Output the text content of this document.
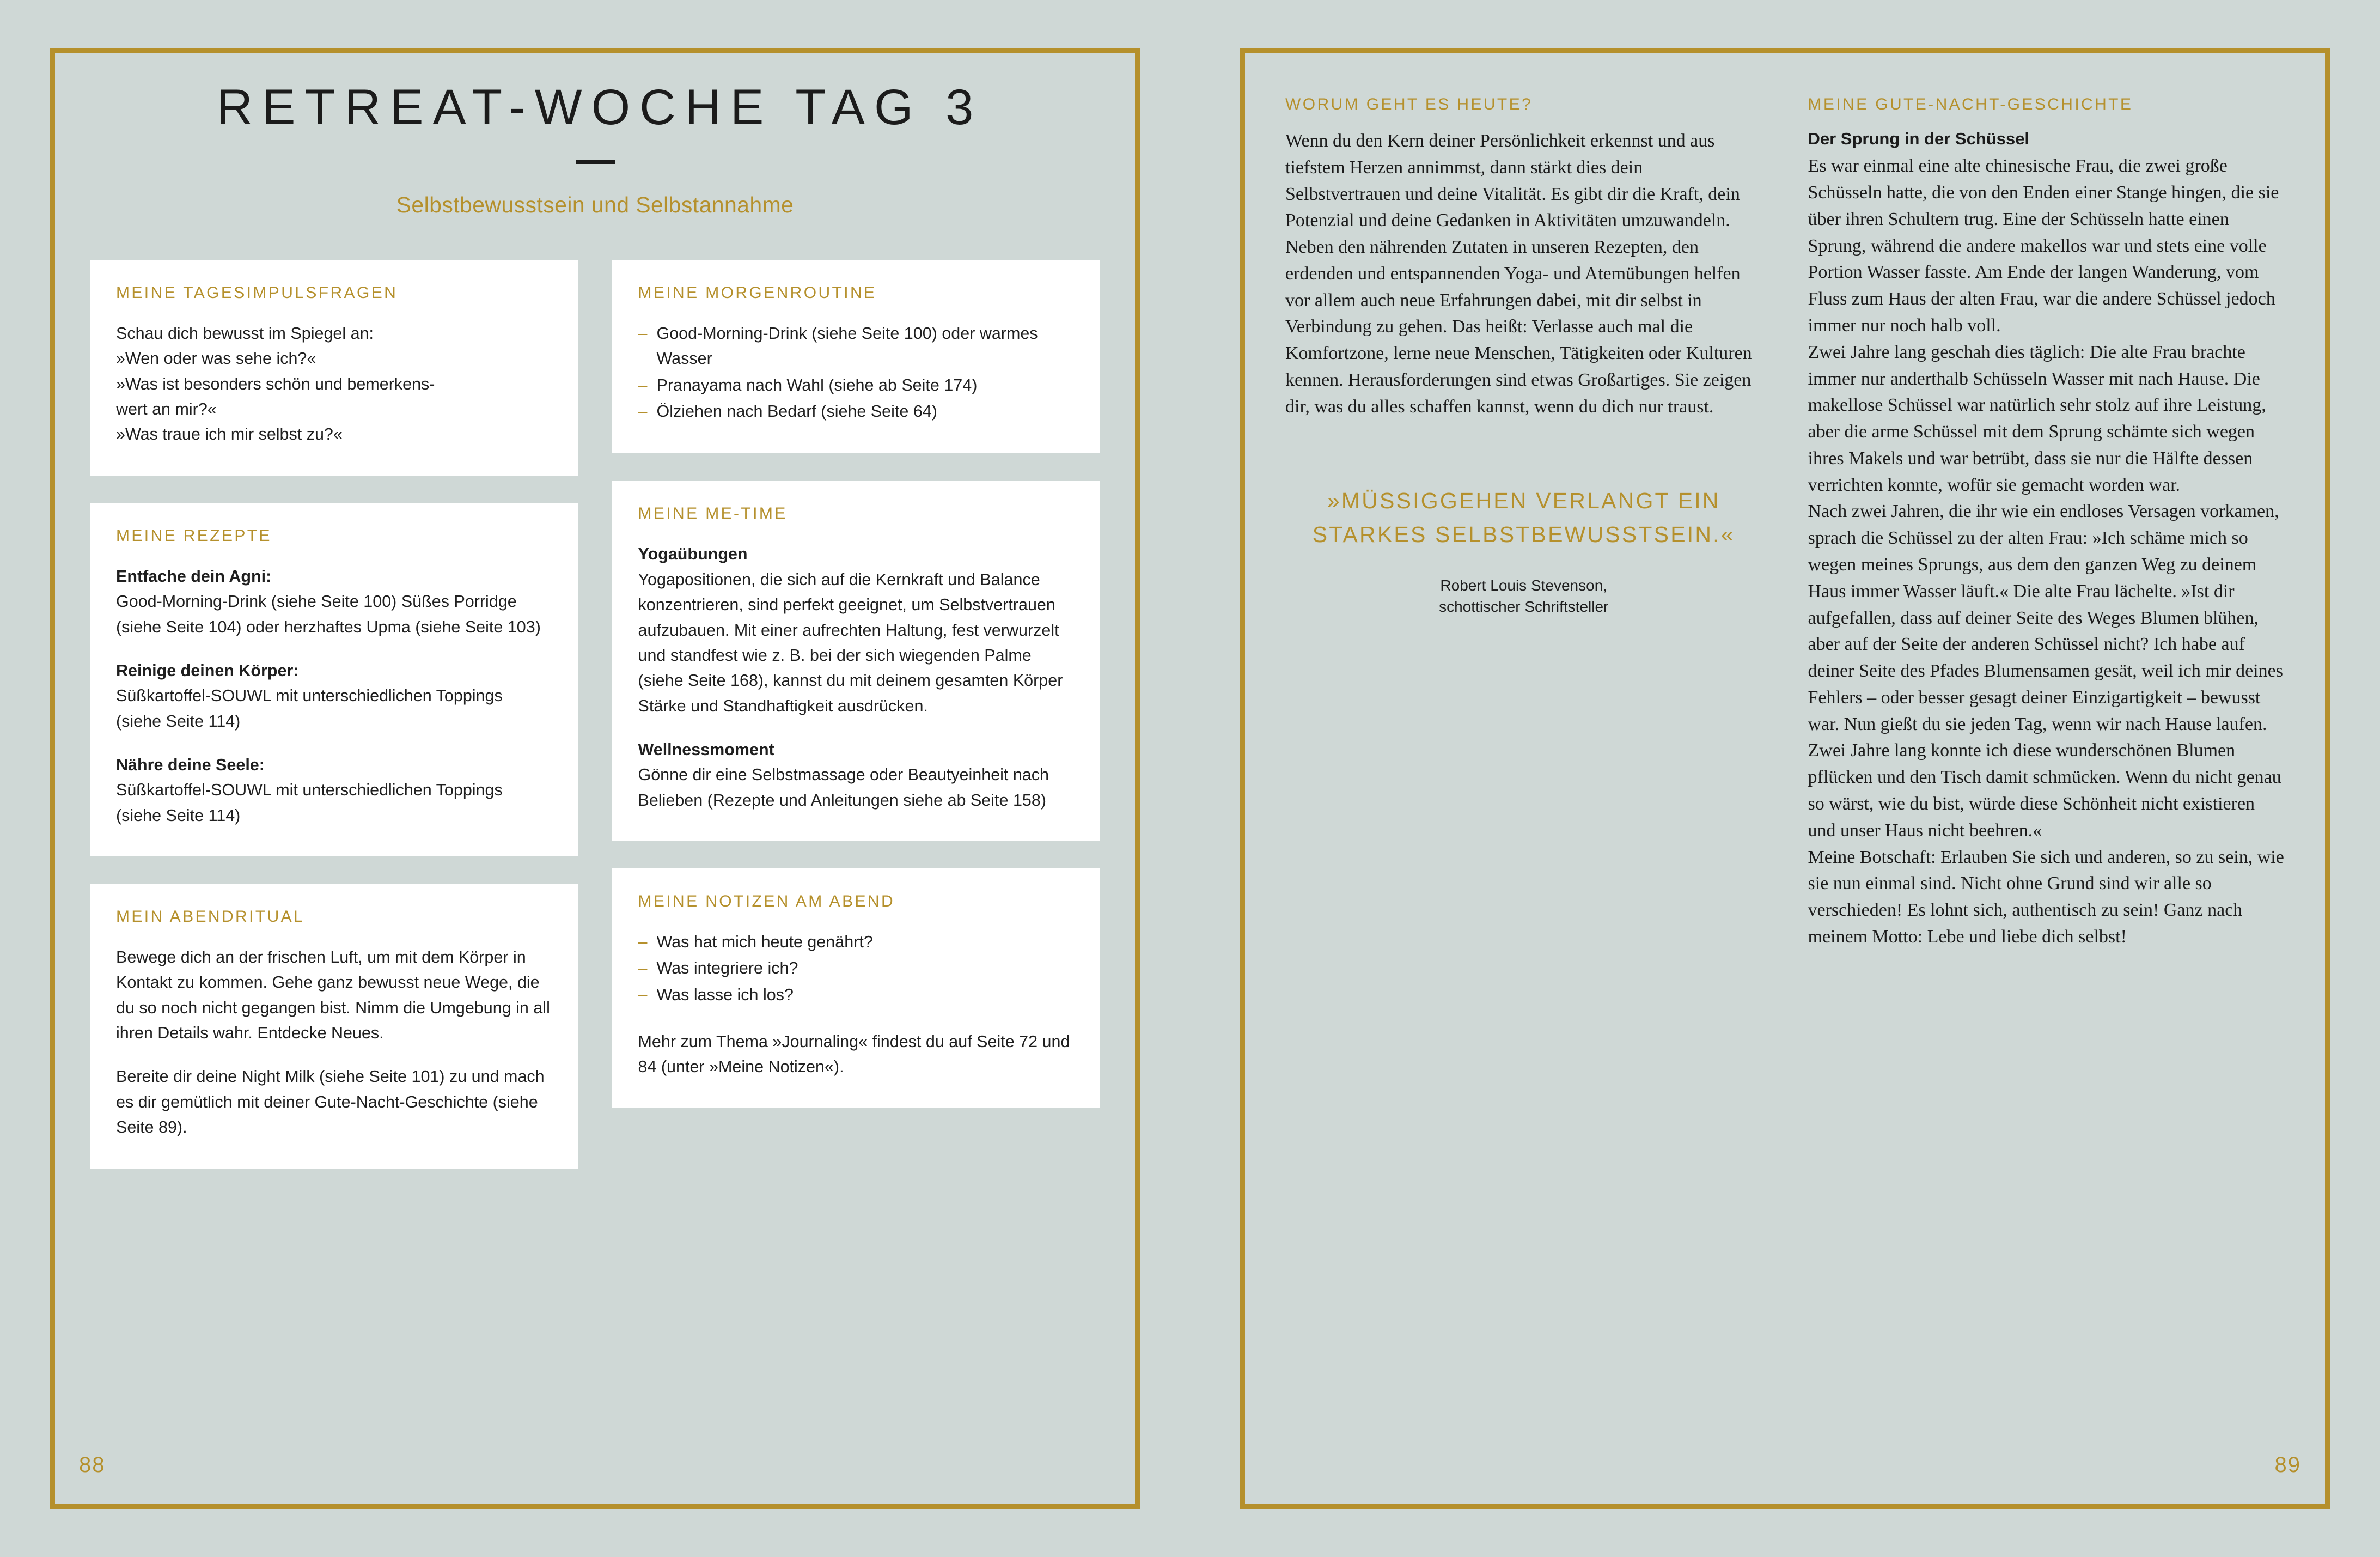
88
RETREAT-WOCHE TAG 3
Selbstbewusstsein und Selbstannahme
MEINE TAGESIMPULSFRAGEN

Schau dich bewusst im Spiegel an:

»Wen oder was sehe ich?«

»Was ist besonders schön und bemerkens-

wert an mir?«

»Was traue ich mir selbst zu?«

MEINE REZEPTE

Entfache dein Agni:
Good-Morning-Drink (siehe Seite 100) Süßes Porridge (siehe Seite 104) oder herzhaftes Upma (siehe Seite 103)

Reinige deinen Körper:
Süßkartoffel-SOUWL mit unterschiedlichen Toppings (siehe Seite 114)

Nähre deine Seele:
Süßkartoffel-SOUWL mit unterschiedlichen Toppings (siehe Seite 114)

MEIN ABENDRITUAL

Bewege dich an der frischen Luft, um mit dem Körper in Kontakt zu kommen. Gehe ganz bewusst neue Wege, die du so noch nicht gegangen bist. Nimm die Umgebung in all ihren Details wahr. Entdecke Neues.

Bereite dir deine Night Milk (siehe Seite 101) zu und mach es dir gemütlich mit deiner Gute-Nacht-Geschichte (siehe Seite 89).

MEINE MORGENROUTINE
– Good-Morning-Drink (siehe Seite 100) oder warmes Wasser
– Pranayama nach Wahl (siehe ab Seite 174)
– Ölziehen nach Bedarf (siehe Seite 64)
MEINE ME-TIME

Yogaübungen
Yogapositionen, die sich auf die Kernkraft und Balance konzentrieren, sind perfekt geeignet, um Selbstvertrauen aufzubauen. Mit einer aufrechten Haltung, fest verwurzelt und standfest wie z. B. bei der sich wiegenden Palme (siehe Seite 168), kannst du mit deinem gesamten Körper Stärke und Standhaftigkeit ausdrücken.

Wellnessmoment
Gönne dir eine Selbstmassage oder Beautyeinheit nach Belieben (Rezepte und Anleitungen siehe ab Seite 158)

MEINE NOTIZEN AM ABEND
– Was hat mich heute genährt?
– Was integriere ich?
– Was lasse ich los?

Mehr zum Thema »Journaling« findest du auf Seite 72 und 84 (unter »Meine Notizen«).

89
WORUM GEHT ES HEUTE?

Wenn du den Kern deiner Persönlichkeit erkennst und aus tiefstem Herzen annimmst, dann stärkt dies dein Selbstvertrauen und deine Vitalität. Es gibt dir die Kraft, dein Potenzial und deine Gedanken in Aktivitäten umzuwandeln. Neben den nährenden Zutaten in unseren Rezepten, den erdenden und entspannenden Yoga- und Atemübungen helfen vor allem auch neue Erfahrungen dabei, mit dir selbst in Verbindung zu gehen. Das heißt: Verlasse auch mal die Komfortzone, lerne neue Menschen, Tätigkeiten oder Kulturen kennen. Herausforderungen sind etwas Großartiges. Sie zeigen dir, was du alles schaffen kannst, wenn du dich nur traust.

»MÜSSIGGEHEN VERLANGT EIN STARKES SELBSTBEWUSSTSEIN.«

Robert Louis Stevenson,
schottischer Schriftsteller
MEINE GUTE-NACHT-GESCHICHTE
Der Sprung in der Schüssel

Es war einmal eine alte chinesische Frau, die zwei große Schüsseln hatte, die von den Enden einer Stange hingen, die sie über ihren Schultern trug. Eine der Schüsseln hatte einen Sprung, während die andere makellos war und stets eine volle Portion Wasser fasste. Am Ende der langen Wanderung, vom Fluss zum Haus der alten Frau, war die andere Schüssel jedoch immer nur noch halb voll.

Zwei Jahre lang geschah dies täglich: Die alte Frau brachte immer nur anderthalb Schüsseln Wasser mit nach Hause. Die makellose Schüssel war natürlich sehr stolz auf ihre Leistung, aber die arme Schüssel mit dem Sprung schämte sich wegen ihres Makels und war betrübt, dass sie nur die Hälfte dessen verrichten konnte, wofür sie gemacht worden war.

Nach zwei Jahren, die ihr wie ein endloses Versagen vorkamen, sprach die Schüssel zu der alten Frau: »Ich schäme mich so wegen meines Sprungs, aus dem den ganzen Weg zu deinem Haus immer Wasser läuft.« Die alte Frau lächelte. »Ist dir aufgefallen, dass auf deiner Seite des Weges Blumen blühen, aber auf der Seite der anderen Schüssel nicht? Ich habe auf deiner Seite des Pfades Blumensamen gesät, weil ich mir deines Fehlers – oder besser gesagt deiner Einzigartigkeit – bewusst war. Nun gießt du sie jeden Tag, wenn wir nach Hause laufen. Zwei Jahre lang konnte ich diese wunderschönen Blumen pflücken und den Tisch damit schmücken. Wenn du nicht genau so wärst, wie du bist, würde diese Schönheit nicht existieren und unser Haus nicht beehren.«

Meine Botschaft: Erlauben Sie sich und anderen, so zu sein, wie sie nun einmal sind. Nicht ohne Grund sind wir alle so verschieden! Es lohnt sich, authentisch zu sein! Ganz nach meinem Motto: Lebe und liebe dich selbst!
